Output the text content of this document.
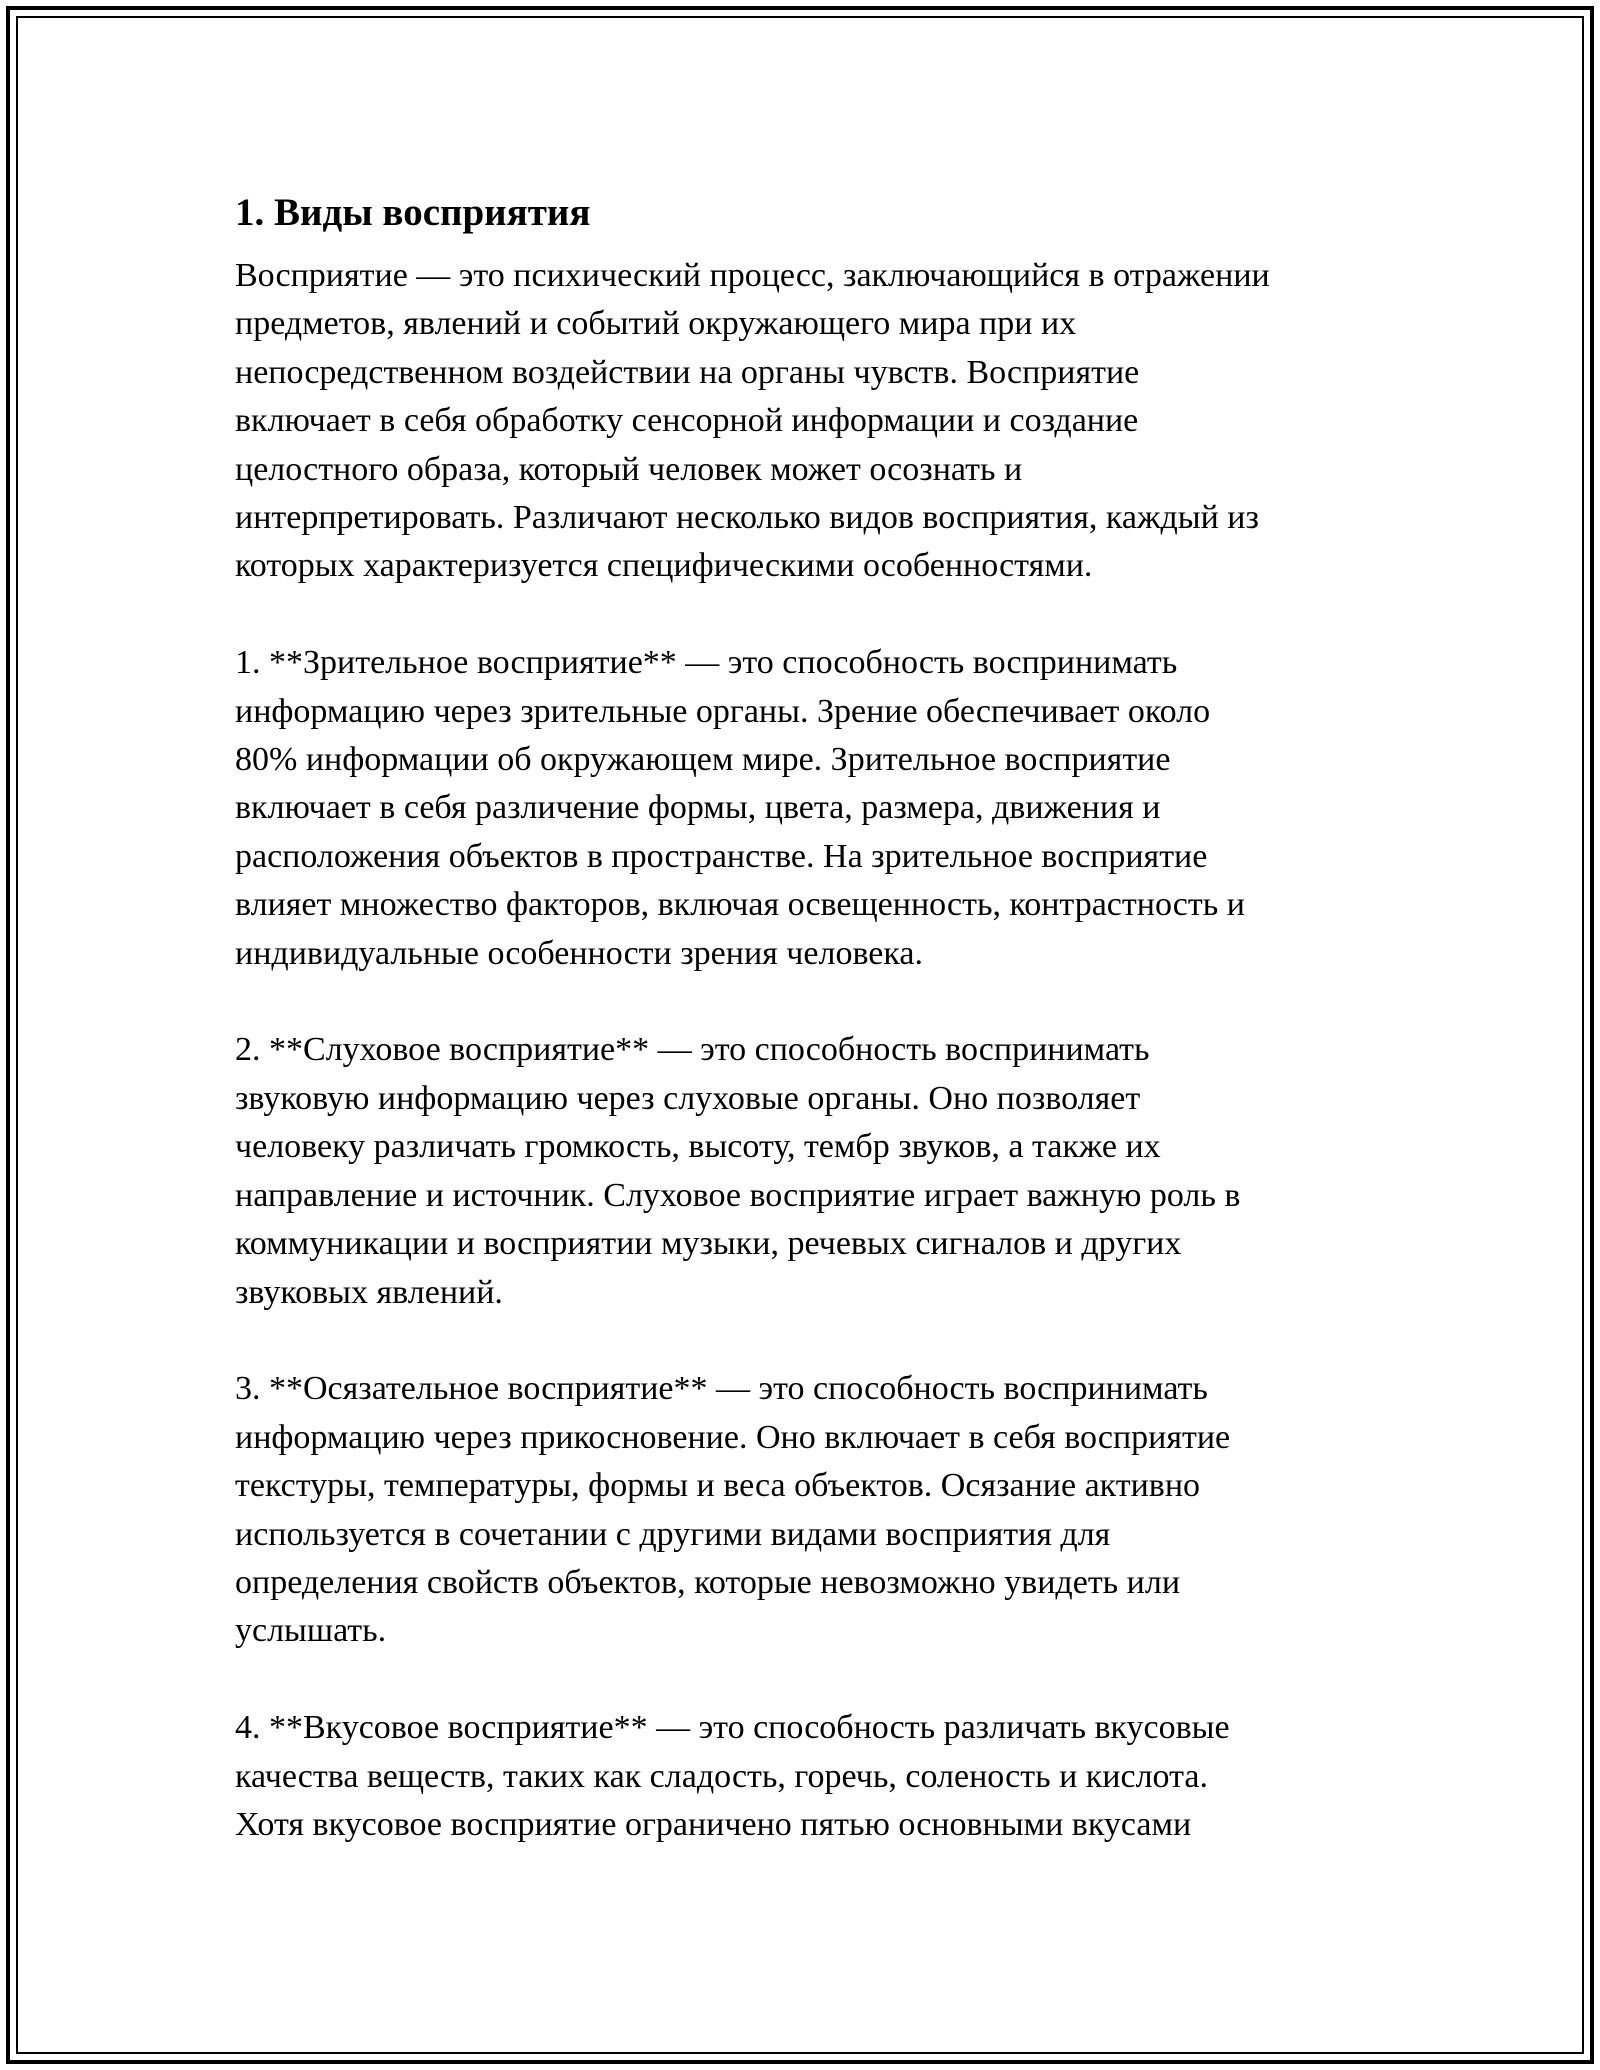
1. Виды восприятия
Восприятие — это психический процесс, заключающийся в отражении
предметов, явлений и событий окружающего мира при их
непосредственном воздействии на органы чувств. Восприятие
включает в себя обработку сенсорной информации и создание
целостного образа, который человек может осознать и
интерпретировать. Различают несколько видов восприятия, каждый из
которых характеризуется специфическими особенностями.
1. **Зрительное восприятие** — это способность воспринимать
информацию через зрительные органы. Зрение обеспечивает около
80% информации об окружающем мире. Зрительное восприятие
включает в себя различение формы, цвета, размера, движения и
расположения объектов в пространстве. На зрительное восприятие
влияет множество факторов, включая освещенность, контрастность и
индивидуальные особенности зрения человека.
2. **Слуховое восприятие** — это способность воспринимать
звуковую информацию через слуховые органы. Оно позволяет
человеку различать громкость, высоту, тембр звуков, а также их
направление и источник. Слуховое восприятие играет важную роль в
коммуникации и восприятии музыки, речевых сигналов и других
звуковых явлений.
3. **Осязательное восприятие** — это способность воспринимать
информацию через прикосновение. Оно включает в себя восприятие
текстуры, температуры, формы и веса объектов. Осязание активно
используется в сочетании с другими видами восприятия для
определения свойств объектов, которые невозможно увидеть или
услышать.
4. **Вкусовое восприятие** — это способность различать вкусовые
качества веществ, таких как сладость, горечь, соленость и кислота.
Хотя вкусовое восприятие ограничено пятью основными вкусами
